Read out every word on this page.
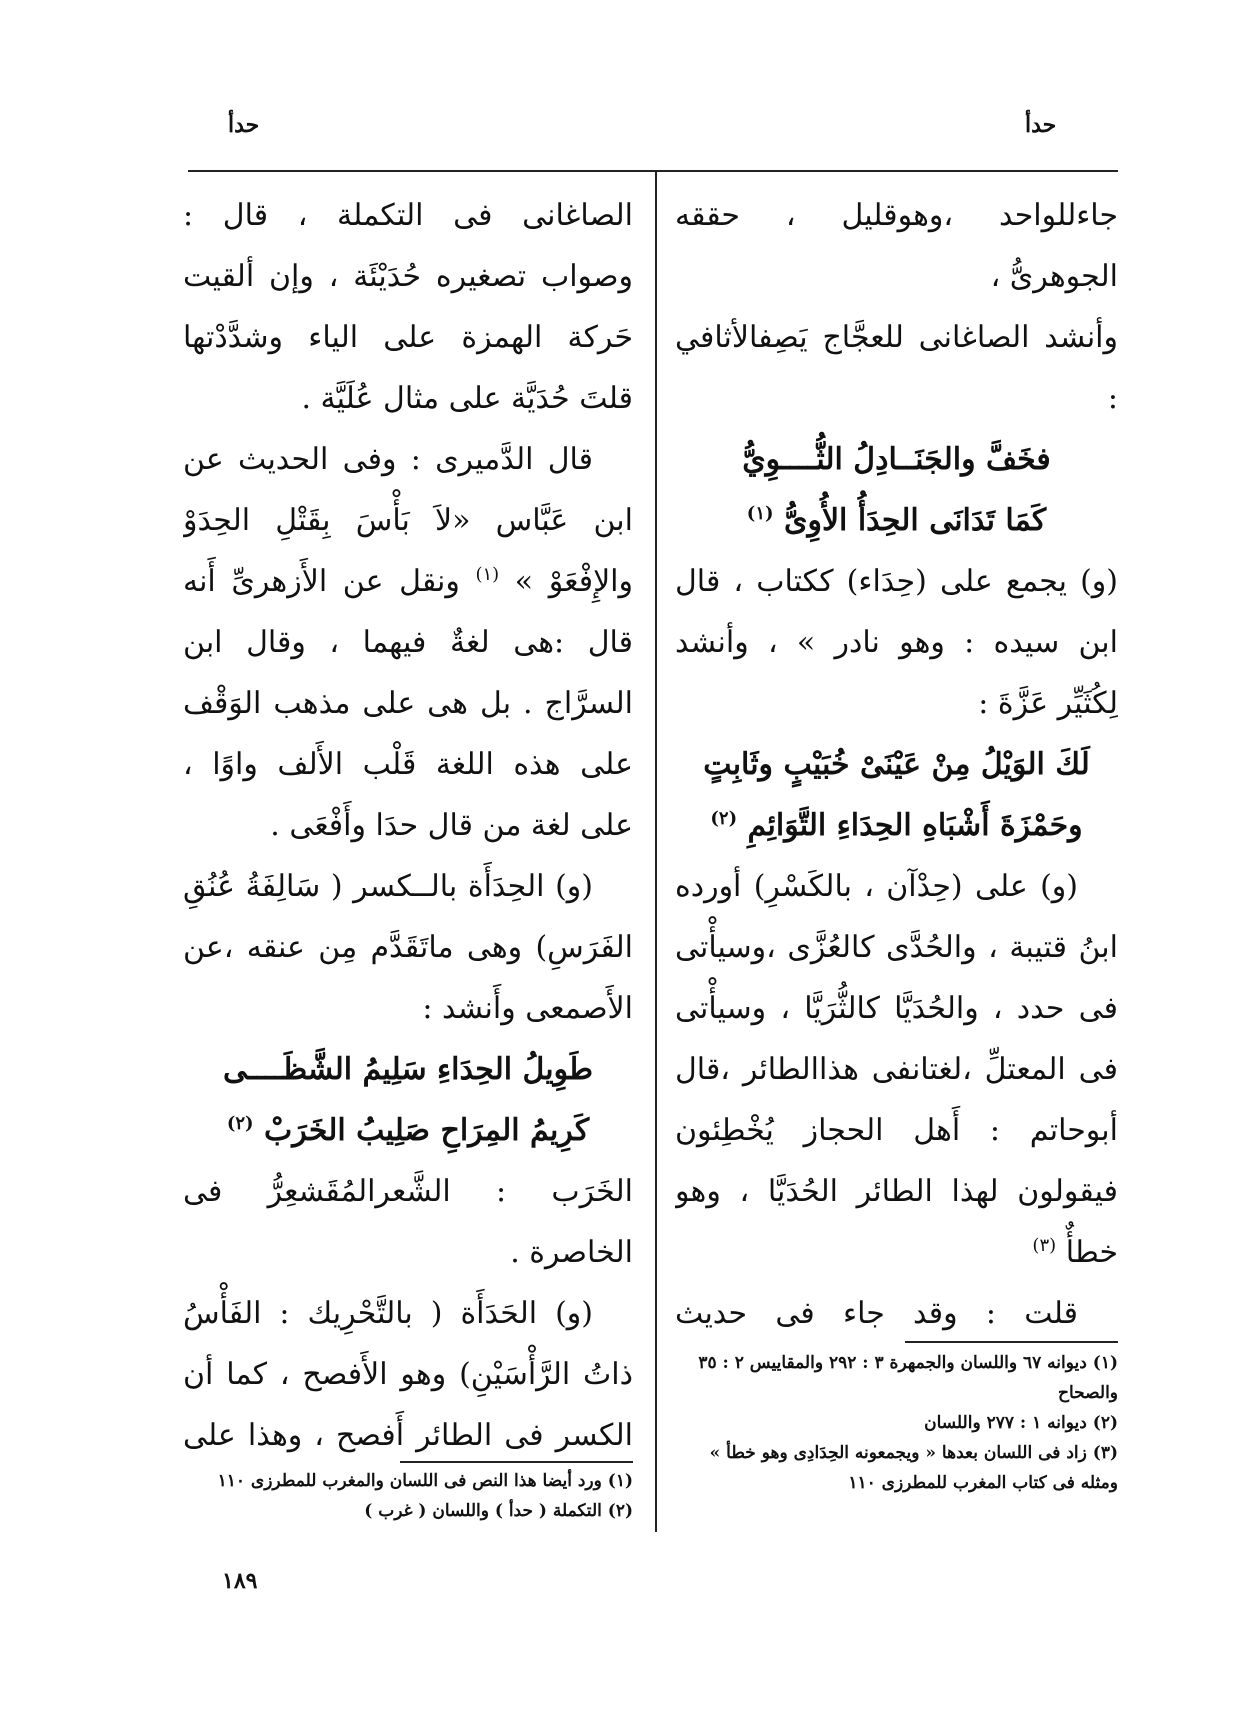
حدأ
حدأ

جاءللواحد ،وهوقليل ، حققه الجوهرىُّ ،

وأنشد الصاغانى للعجَّاج يَصِفالأثافي :

فخَفَّ والجَنَــادِلُ الثُّــــوِيُّ

كَمَا تَدَانَى الحِدَأُ الأُوِىُّ $^{(١)}$

(و) يجمع على (حِدَاء) ككتاب ، قال ابن سيده : وهو نادر » ، وأنشد لِكُثَيِّر عَزَّةَ :

لَكَ الوَيْلُ مِنْ عَيْنَىْ خُبَيْبٍ وثَابِتٍ

وحَمْزَةَ أَشْبَاهِ الحِدَاءِ التَّوَائِمِ $^{(٢)}$

(و) على (حِدْآن ، بالكَسْرِ) أورده ابنُ قتيبة ، والحُدَّى كالعُزَّى ،وسيأْتى فى حدد ، والحُدَيَّا كالثُّرَيَّا ، وسيأْتى فى المعتلِّ ،لغتانفى هذاالطائر ،قال أبوحاتم : أَهل الحجاز يُخْطِئون فيقولون لهذا الطائر الحُدَيَّا ، وهو خطأٌ $^{(٣)}$

قلت : وقد جاء فى حديث

(١) ديوانه ٦٧ واللسان والجمهرة ٣ : ٢٩٢ والمقاييس ٢ : ٣٥ والصحاح

(٢) ديوانه ١ : ٢٧٧ واللسان

(٣) زاد فى اللسان بعدها « ويجمعونه الحِدَادِى وهو خطأ » ومثله فى كتاب المغرب للمطرزى ١١٠

الصاغانى فى التكملة ، قال : وصواب تصغيره حُدَيْئَة ، وإن ألقيت حَركة الهمزة على الياء وشدَّدْتها قلتَ حُدَيَّة على مثال عُلَيَّة .

قال الدَّميرى : وفى الحديث عن ابن عَبَّاس «لاَ بَأْسَ بِقَتْلِ الحِدَوْ والإِفْعَوْ » $^{(١)}$ ونقل عن الأَزهرىِّ أَنه قال :هى لغةٌ فيهما ، وقال ابن السرَّاج . بل هى على مذهب الوَقْف على هذه اللغة قَلْب الأَلف واوًا ، على لغة من قال حدَا وأَفْعَى .

(و) الحِدَأَة بالــكسر ( سَالِفَةُ عُنُقِ الفَرَسِ) وهى ماتَقَدَّم مِن عنقه ،عن الأَصمعى وأَنشد :

طَوِيلُ الحِدَاءِ سَلِيمُ الشَّظَــــى

كَرِيمُ المِرَاحِ صَلِيبُ الخَرَبْ $^{(٢)}$

الخَرَب : الشَّعرالمُقَشعِرُّ فى الخاصرة .

(و) الحَدَأَة ( بالتَّحْرِيك : الفَأْسُ ذاتُ الرَّأْسَيْنِ) وهو الأَفصح ، كما أن الكسر فى الطائر أَفصح ، وهذا على

(١) ورد أيضا هذا النص فى اللسان والمغرب للمطرزى ١١٠

(٢) التكملة ( حدأ ) واللسان ( غرب )

١٨٩
